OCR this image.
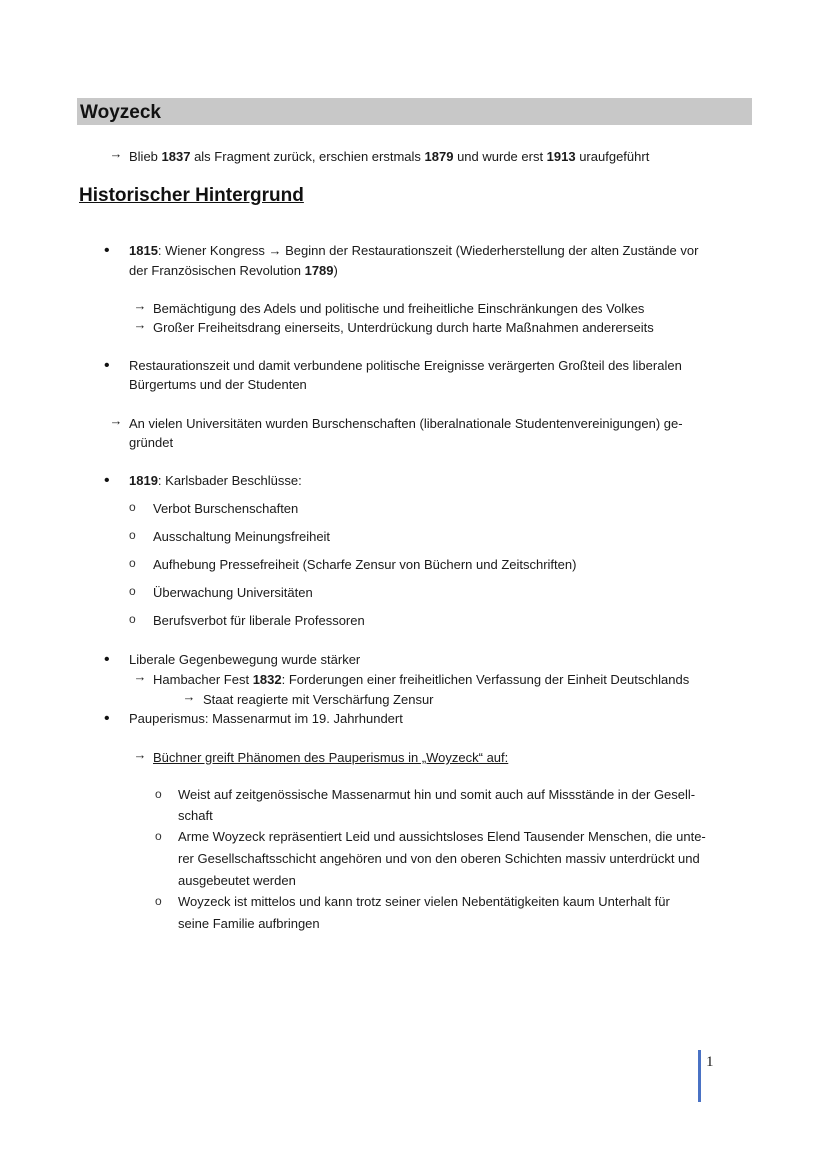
Woyzeck
→ Blieb 1837 als Fragment zurück, erschien erstmals 1879 und wurde erst 1913 uraufgeführt
Historischer Hintergrund
• 1815: Wiener Kongress → Beginn der Restaurationszeit (Wiederherstellung der alten Zustände vor
der Französischen Revolution 1789)
→ Bemächtigung des Adels und politische und freiheitliche Einschränkungen des Volkes
→ Großer Freiheitsdrang einerseits, Unterdrückung durch harte Maßnahmen andererseits
• Restaurationszeit und damit verbundene politische Ereignisse verärgerten Großteil des liberalen
Bürgertums und der Studenten
→ An vielen Universitäten wurden Burschenschaften (liberalnationale Studentenvereinigungen) ge-
gründet
• 1819: Karlsbader Beschlüsse:
o Verbot Burschenschaften
o Ausschaltung Meinungsfreiheit
o Aufhebung Pressefreiheit (Scharfe Zensur von Büchern und Zeitschriften)
o Überwachung Universitäten
o Berufsverbot für liberale Professoren
• Liberale Gegenbewegung wurde stärker
→ Hambacher Fest 1832: Forderungen einer freiheitlichen Verfassung der Einheit Deutschlands
→ Staat reagierte mit Verschärfung Zensur
• Pauperismus: Massenarmut im 19. Jahrhundert
→ Büchner greift Phänomen des Pauperismus in „Woyzeck“ auf:
o Weist auf zeitgenössische Massenarmut hin und somit auch auf Missstände in der Gesell-
schaft
o Arme Woyzeck repräsentiert Leid und aussichtsloses Elend Tausender Menschen, die unte-
rer Gesellschaftsschicht angehören und von den oberen Schichten massiv unterdrückt und
ausgebeutet werden
o Woyzeck ist mittelos und kann trotz seiner vielen Nebentätigkeiten kaum Unterhalt für
seine Familie aufbringen
1
